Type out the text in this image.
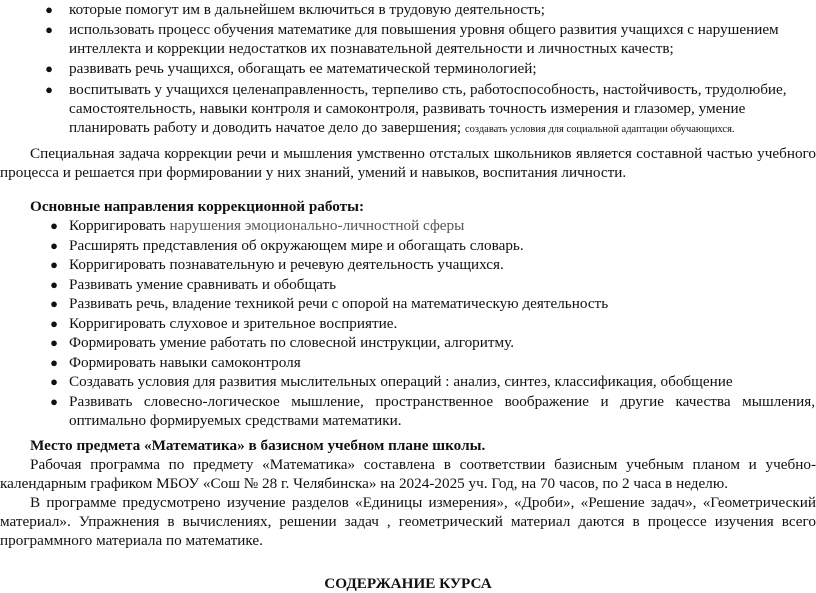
● которые помогут им в дальнейшем включиться в трудовую деятельность;
● использовать процесс обучения математике для повышения уровня общего развития учащихся с нарушением интеллекта и коррекции недостатков их познавательной деятельности и личностных качеств;
● развивать речь учащихся, обогащать ее математической терминологией;
● воспитывать у учащихся целенаправленность, терпеливо сть, работоспособность, настойчивость, трудолюбие, самостоятельность, навыки контроля и самоконтроля, развивать точность измерения и глазомер, умение планировать работу и доводить начатое дело до завершения; создавать условия для социальной адаптации обучающихся.

Специальная задача коррекции речи и мышления умственно отсталых школьников является составной частью учебного процесса и решается при формировании у них знаний, умений и навыков, воспитания личности.

Основные направления коррекционной работы:
● Корригировать нарушения эмоционально-личностной сферы
● Расширять представления об окружающем мире и обогащать словарь.
● Корригировать познавательную и речевую деятельность учащихся.
● Развивать умение сравнивать и обобщать
● Развивать речь, владение техникой речи с опорой на математическую деятельность
● Корригировать слуховое и зрительное восприятие.
● Формировать умение работать по словесной инструкции, алгоритму.
● Формировать навыки самоконтроля
● Создавать условия для развития мыслительных операций : анализ, синтез, классификация, обобщение
● Развивать словесно-логическое мышление, пространственное воображение и другие качества мышления, оптимально формируемых средствами математики.
Место предмета «Математика» в базисном учебном плане школы.

Рабочая программа по предмету «Математика» составлена в соответствии базисным учебным планом и учебно-календарным графиком МБОУ «Сош № 28 г. Челябинска» на 2024-2025 уч. Год, на 70 часов, по 2 часа в неделю.

В программе предусмотрено изучение разделов «Единицы измерения», «Дроби», «Решение задач», «Геометрический материал». Упражнения в вычислениях, решении задач , геометрический материал даются в процессе изучения всего программного материала по математике.

СОДЕРЖАНИЕ КУРСА
